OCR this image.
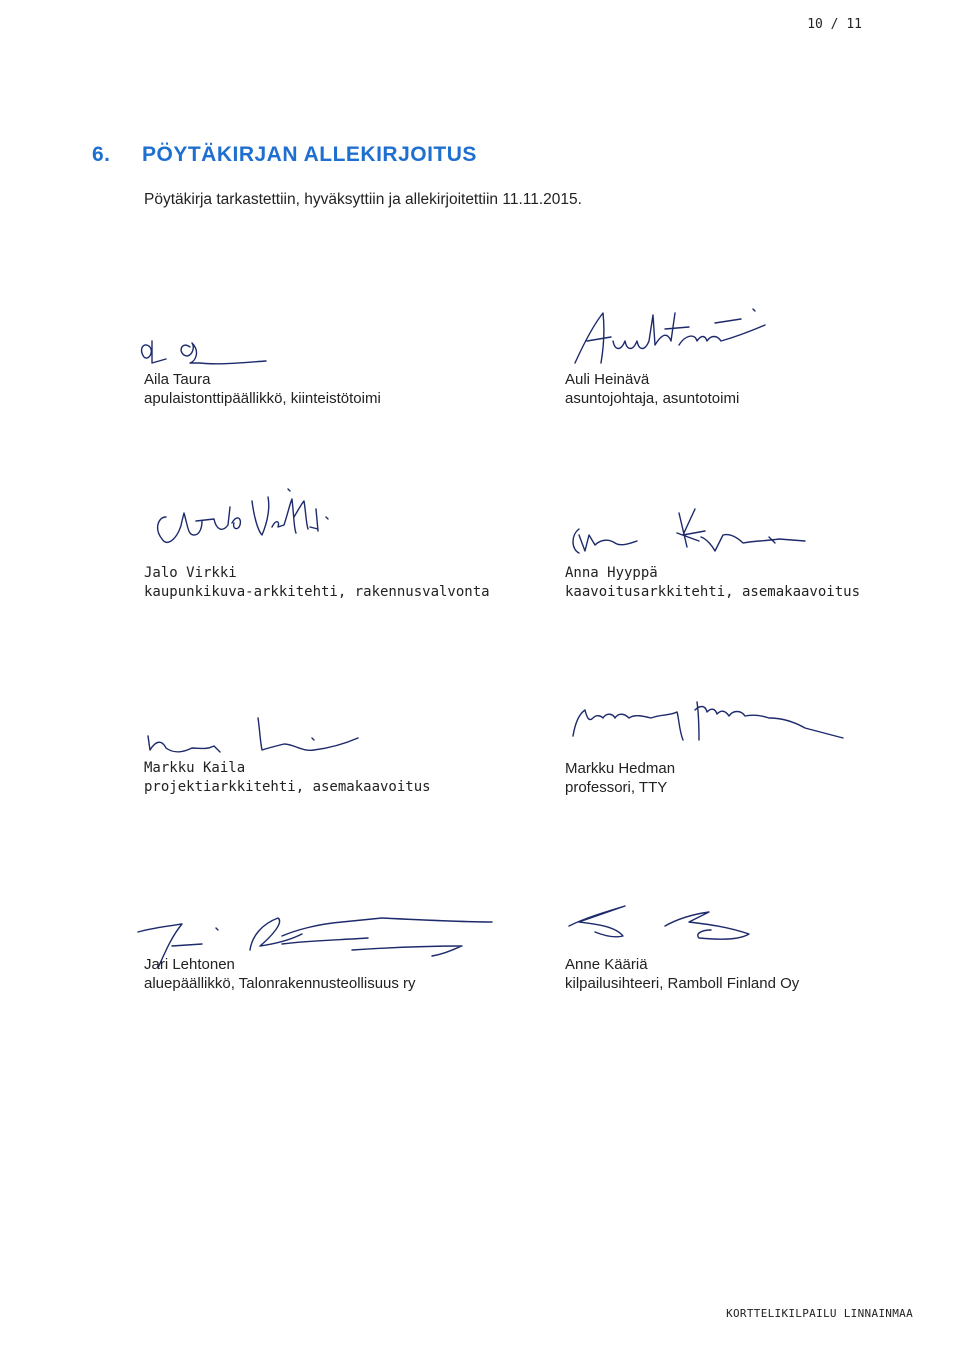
10 / 11
6. PÖYTÄKIRJAN ALLEKIRJOITUS
Pöytäkirja tarkastettiin, hyväksyttiin ja allekirjoitettiin 11.11.2015.
Aila Taura
apulaistonttipäällikkö, kiinteistötoimi
Auli Heinävä
asuntojohtaja, asuntotoimi
Jalo Virkki
kaupunkikuva-arkkitehti, rakennusvalvonta
Anna Hyyppä
kaavoitusarkkitehti, asemakaavoitus
Markku Kaila
projektiarkkitehti, asemakaavoitus
Markku Hedman
professori, TTY
Jari Lehtonen
aluepäällikkö, Talonrakennusteollisuus ry
Anne Kääriä
kilpailusihteeri, Ramboll Finland Oy
KORTTELIKILPAILU LINNAINMAA
